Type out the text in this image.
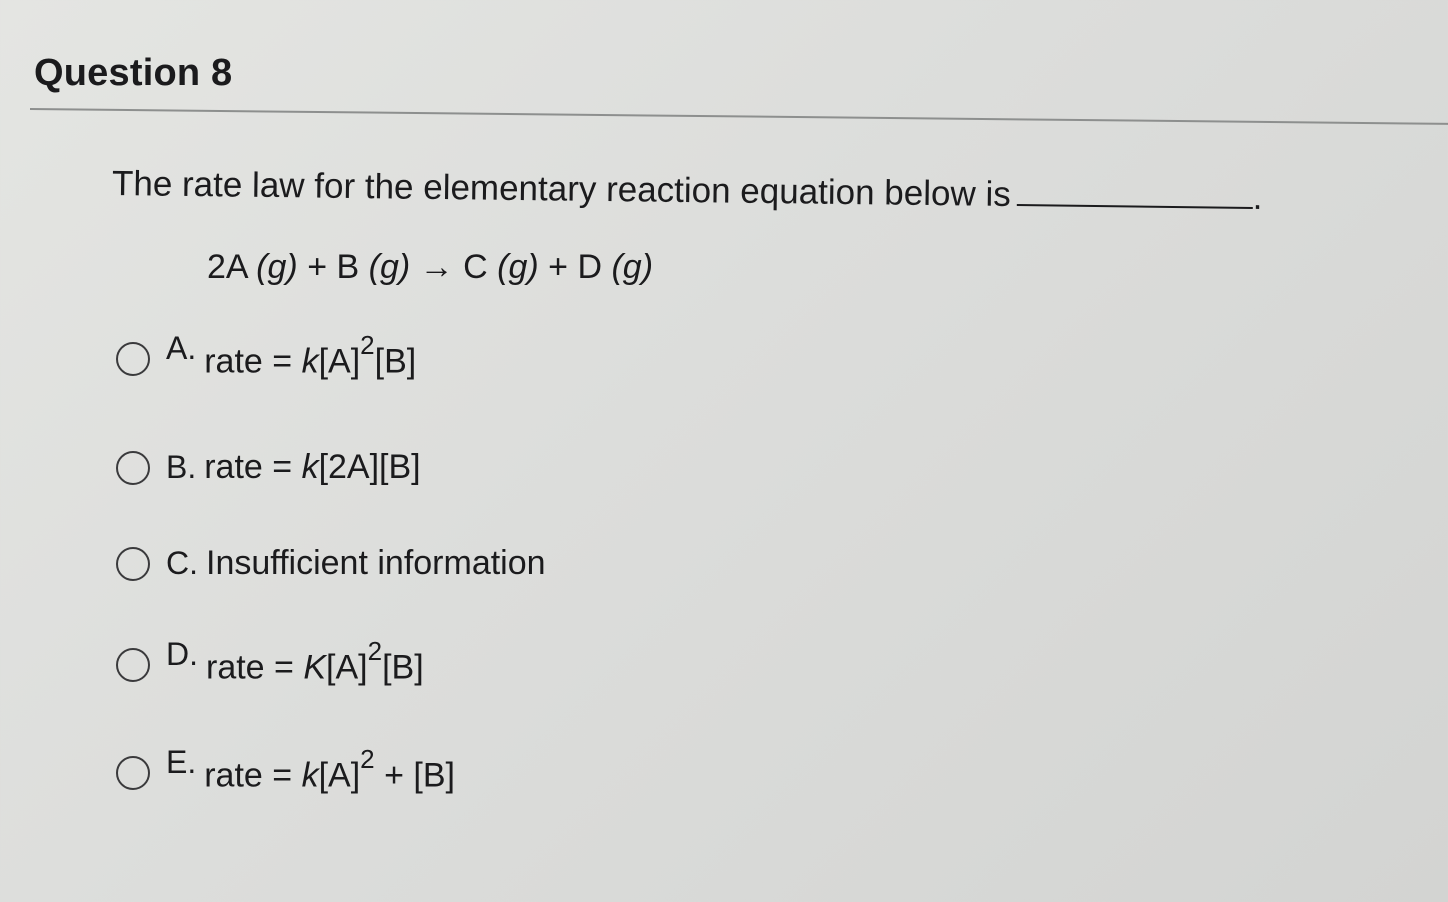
Question 8
The rate law for the elementary reaction equation below is	.
2A (g) + B (g) → C (g) + D (g)
A. rate = $k[A]^2[B]$
B. rate = k[2A][B]
C. Insufficient information
D. rate = $K[A]^2[B]$
E. rate = $k[A]^2 + [B]$
